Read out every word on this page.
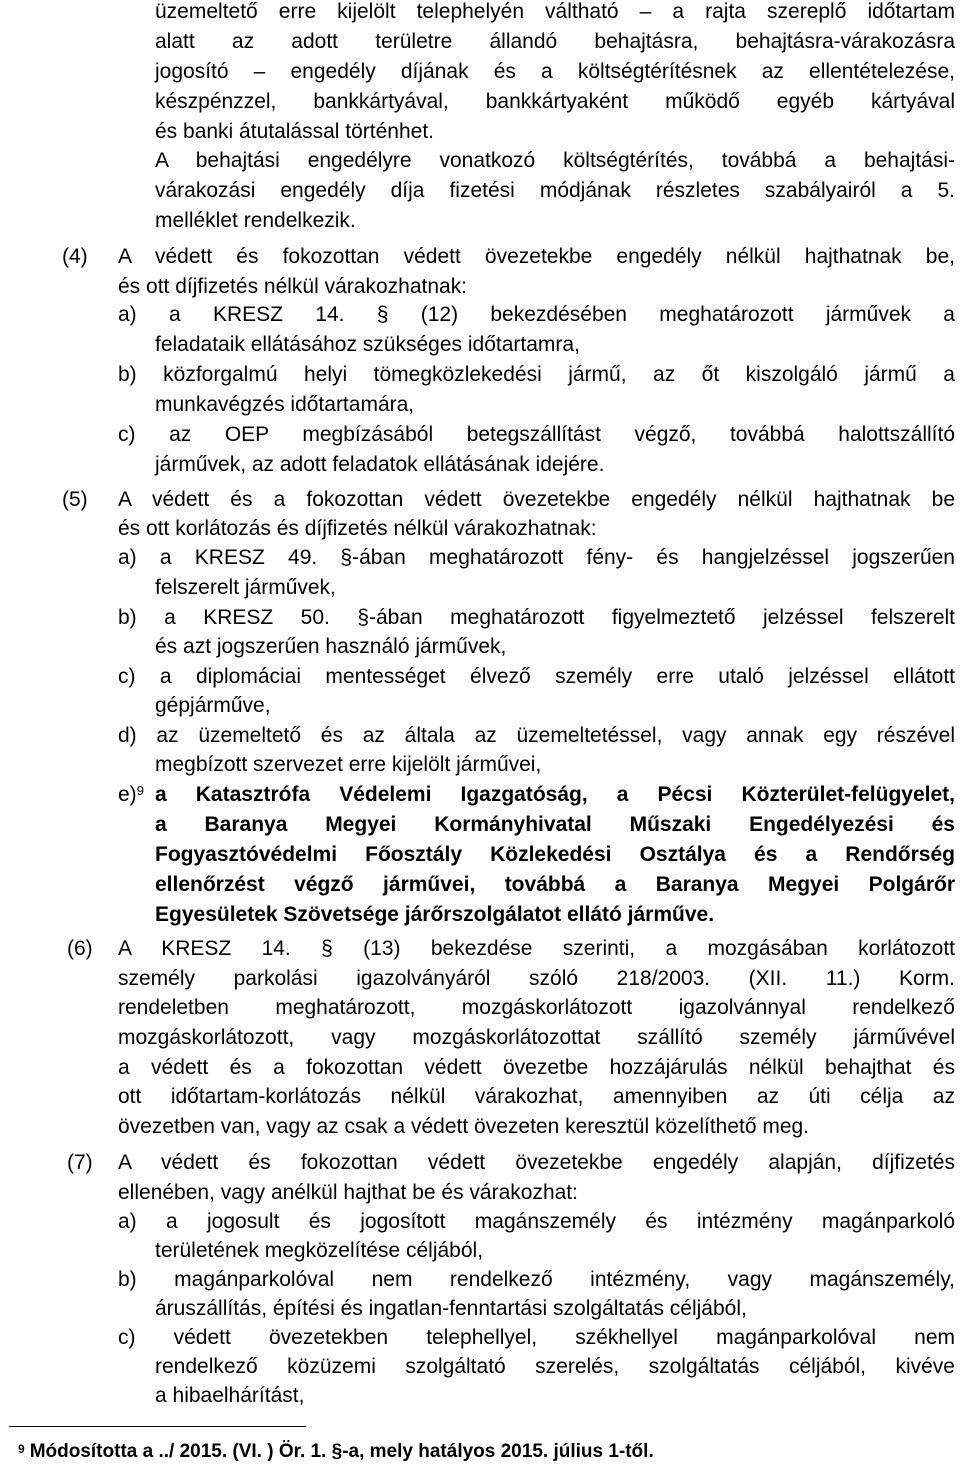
üzemeltető erre kijelölt telephelyén váltható – a rajta szereplő időtartam
alatt az adott területre állandó behajtásra, behajtásra-várakozásra
jogosító – engedély díjának és a költségtérítésnek az ellentételezése,
készpénzzel, bankkártyával, bankkártyaként működő egyéb kártyával
és banki átutalással történhet.
A behajtási engedélyre vonatkozó költségtérítés, továbbá a behajtási-
várakozási engedély díja fizetési módjának részletes szabályairól a 5.
melléklet rendelkezik.
(4) A védett és fokozottan védett övezetekbe engedély nélkül hajthatnak be,
és ott díjfizetés nélkül várakozhatnak:
a) a KRESZ 14. § (12) bekezdésében meghatározott járművek a
feladataik ellátásához szükséges időtartamra,
b) közforgalmú helyi tömegközlekedési jármű, az őt kiszolgáló jármű a
munkavégzés időtartamára,
c) az OEP megbízásából betegszállítást végző, továbbá halottszállító
járművek, az adott feladatok ellátásának idejére.
(5) A védett és a fokozottan védett övezetekbe engedély nélkül hajthatnak be
és ott korlátozás és díjfizetés nélkül várakozhatnak:
a) a KRESZ 49. §-ában meghatározott fény- és hangjelzéssel jogszerűen
felszerelt járművek,
b) a KRESZ 50. §-ában meghatározott figyelmeztető jelzéssel felszerelt
és azt jogszerűen használó járművek,
c) a diplomáciai mentességet élvező személy erre utaló jelzéssel ellátott
gépjárműve,
d) az üzemeltető és az általa az üzemeltetéssel, vagy annak egy részével
megbízott szervezet erre kijelölt járművei,
e)$^9$ a Katasztrófa Védelemi Igazgatóság, a Pécsi Közterület-felügyelet,
a Baranya Megyei Kormányhivatal Műszaki Engedélyezési és
Fogyasztóvédelmi Főosztály Közlekedési Osztálya és a Rendőrség
ellenőrzést végző járművei, továbbá a Baranya Megyei Polgárőr
Egyesületek Szövetsége járőrszolgálatot ellátó járműve.
(6) A KRESZ 14. § (13) bekezdése szerinti, a mozgásában korlátozott
személy parkolási igazolványáról szóló 218/2003. (XII. 11.) Korm.
rendeletben meghatározott, mozgáskorlátozott igazolvánnyal rendelkező
mozgáskorlátozott, vagy mozgáskorlátozottat szállító személy járművével
a védett és a fokozottan védett övezetbe hozzájárulás nélkül behajthat és
ott időtartam-korlátozás nélkül várakozhat, amennyiben az úti célja az
övezetben van, vagy az csak a védett övezeten keresztül közelíthető meg.
(7) A védett és fokozottan védett övezetekbe engedély alapján, díjfizetés
ellenében, vagy anélkül hajthat be és várakozhat:
a) a jogosult és jogosított magánszemély és intézmény magánparkoló
területének megközelítése céljából,
b) magánparkolóval nem rendelkező intézmény, vagy magánszemély,
áruszállítás, építési és ingatlan-fenntartási szolgáltatás céljából,
c) védett övezetekben telephellyel, székhellyel magánparkolóval nem
rendelkező közüzemi szolgáltató szerelés, szolgáltatás céljából, kivéve
a hibaelhárítást,
$^9$ Módosította a ../ 2015. (VI. ) Ör. 1. §-a, mely hatályos 2015. július 1-től.
